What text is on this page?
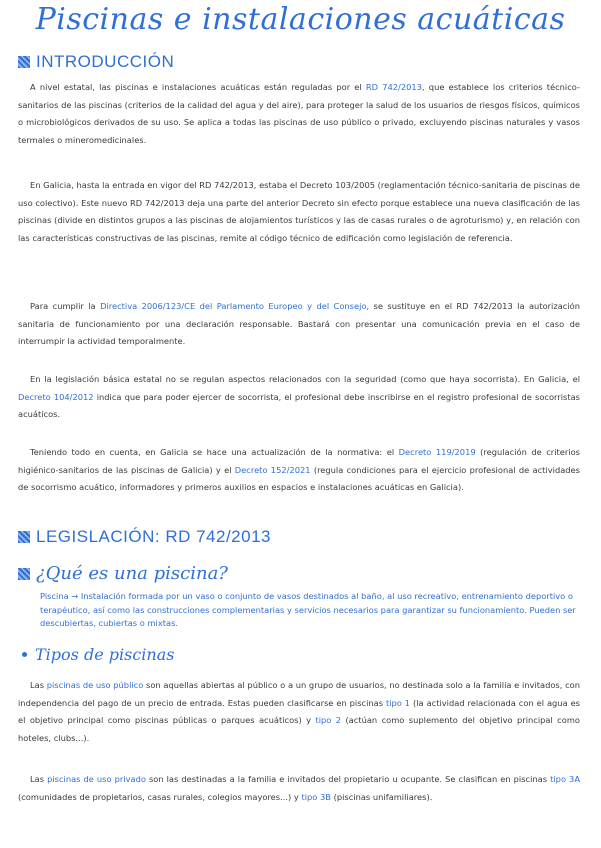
Piscinas e instalaciones acuáticas
INTRODUCCIÓN

A nivel estatal, las piscinas e instalaciones acuáticas están reguladas por el RD 742/2013, que establece los criterios técnico-sanitarios de las piscinas (criterios de la calidad del agua y del aire), para proteger la salud de los usuarios de riesgos físicos, químicos o microbiológicos derivados de su uso. Se aplica a todas las piscinas de uso público o privado, excluyendo piscinas naturales y vasos termales o mineromedicinales.

En Galicia, hasta la entrada en vigor del RD 742/2013, estaba el Decreto 103/2005 (reglamentación técnico-sanitaria de piscinas de uso colectivo). Este nuevo RD 742/2013 deja una parte del anterior Decreto sin efecto porque establece una nueva clasificación de las piscinas (divide en distintos grupos a las piscinas de alojamientos turísticos y las de casas rurales o de agroturismo) y, en relación con las características constructivas de las piscinas, remite al código técnico de edificación como legislación de referencia.

Para cumplir la Directiva 2006/123/CE del Parlamento Europeo y del Consejo, se sustituye en el RD 742/2013 la autorización sanitaria de funcionamiento por una declaración responsable. Bastará con presentar una comunicación previa en el caso de interrumpir la actividad temporalmente.

En la legislación básica estatal no se regulan aspectos relacionados con la seguridad (como que haya socorrista). En Galicia, el Decreto 104/2012 indica que para poder ejercer de socorrista, el profesional debe inscribirse en el registro profesional de socorristas acuáticos.

Teniendo todo en cuenta, en Galicia se hace una actualización de la normativa: el Decreto 119/2019 (regulación de criterios higiénico-sanitarios de las piscinas de Galicia) y el Decreto 152/2021 (regula condiciones para el ejercicio profesional de actividades de socorrismo acuático, informadores y primeros auxilios en espacios e instalaciones acuáticas en Galicia).

LEGISLACIÓN: RD 742/2013
¿Qué es una piscina?

Piscina → Instalación formada por un vaso o conjunto de vasos destinados al baño, al uso recreativo, entrenamiento deportivo o terapéutico, así como las construcciones complementarias y servicios necesarios para garantizar su funcionamiento. Pueden ser descubiertas, cubiertas o mixtas.

Tipos de piscinas

Las piscinas de uso público son aquellas abiertas al público o a un grupo de usuarios, no destinada solo a la familia e invitados, con independencia del pago de un precio de entrada. Estas pueden clasificarse en piscinas tipo 1 (la actividad relacionada con el agua es el objetivo principal como piscinas públicas o parques acuáticos) y tipo 2 (actúan como suplemento del objetivo principal como hoteles, clubs...).

Las piscinas de uso privado son las destinadas a la familia e invitados del propietario u ocupante. Se clasifican en piscinas tipo 3A (comunidades de propietarios, casas rurales, colegios mayores...) y tipo 3B (piscinas unifamiliares).
